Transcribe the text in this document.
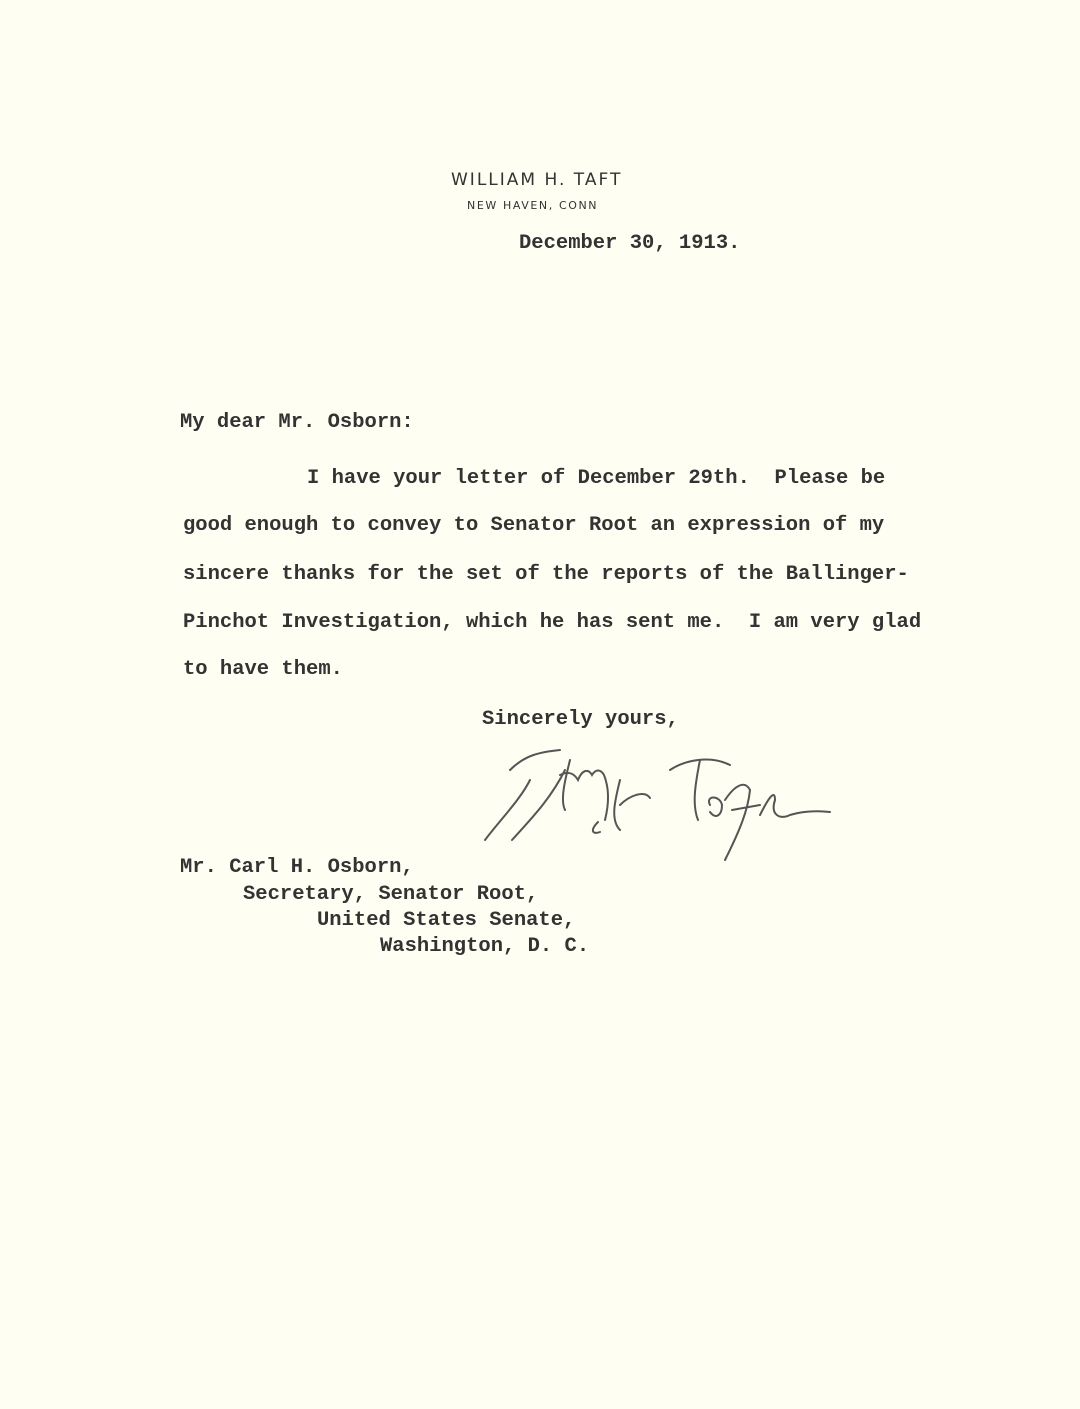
WILLIAM H. TAFT
NEW HAVEN, CONN
December 30, 1913.
My dear Mr. Osborn:
I have your letter of December 29th.  Please be
good enough to convey to Senator Root an expression of my
sincere thanks for the set of the reports of the Ballinger-
Pinchot Investigation, which he has sent me.  I am very glad
to have them.
Sincerely yours,
Mr. Carl H. Osborn,
Secretary, Senator Root,
United States Senate,
Washington, D. C.
